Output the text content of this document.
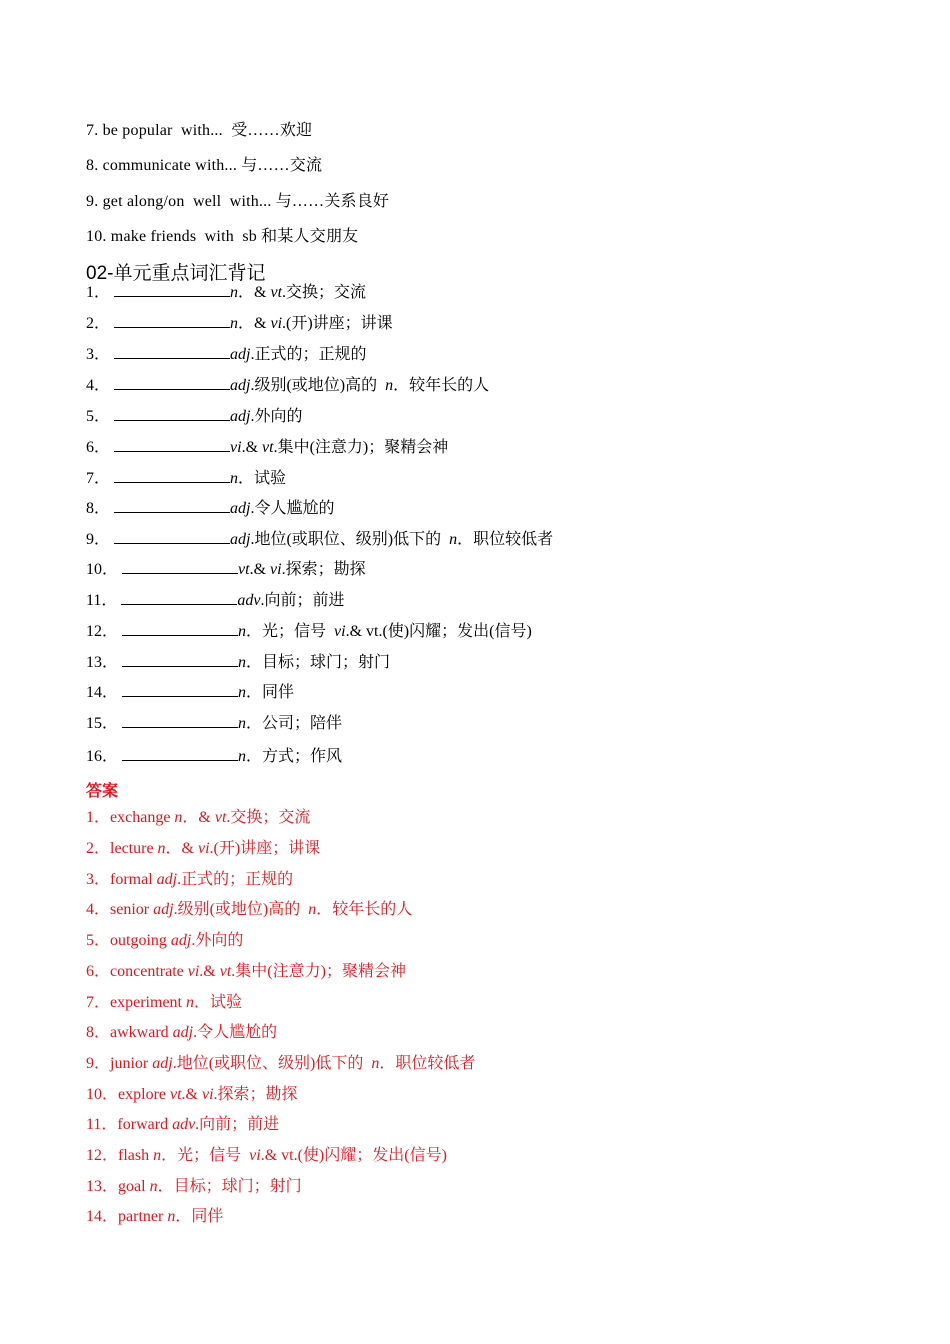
7. be popular  with...  受……欢迎
8. communicate with... 与……交流
9. get along/on  well  with... 与……关系良好
10. make friends  with  sb 和某人交朋友
02-单元重点词汇背记
1．	n．& vt.交换；交流
2．	n．& vi.(开)讲座；讲课
3．	adj.正式的；正规的
4．	adj.级别(或地位)高的  n．较年长的人
5．	adj.外向的
6．	vi.& vt.集中(注意力)；聚精会神
7．	n．试验
8．	adj.令人尴尬的
9．	adj.地位(或职位、级别)低下的  n．职位较低者
10．	vt.& vi.探索；勘探
11．	adv.向前；前进
12．	n．光；信号  vi.& vt.(使)闪耀；发出(信号)
13．	n．目标；球门；射门
14．	n．同伴
15．	n．公司；陪伴
16．	n．方式；作风
答案
1．exchange n．& vt.交换；交流
2．lecture n．& vi.(开)讲座；讲课
3．formal adj.正式的；正规的
4．senior adj.级别(或地位)高的  n．较年长的人
5．outgoing adj.外向的
6．concentrate vi.& vt.集中(注意力)；聚精会神
7．experiment n．试验
8．awkward adj.令人尴尬的
9．junior adj.地位(或职位、级别)低下的  n．职位较低者
10．explore vt.& vi.探索；勘探
11．forward adv.向前；前进
12．flash n．光；信号  vi.& vt.(使)闪耀；发出(信号)
13．goal n．目标；球门；射门
14．partner n．同伴
